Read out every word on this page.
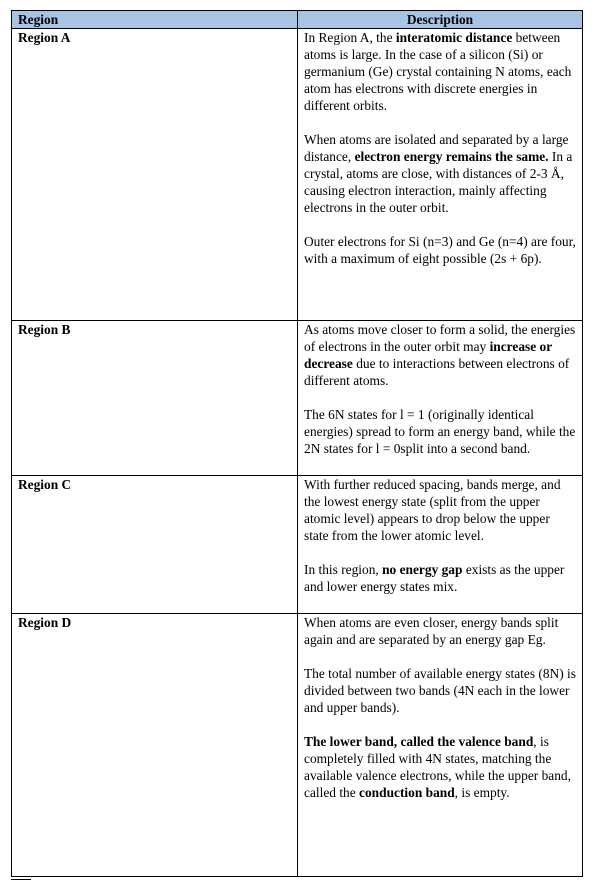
Region	Description
Region A	In Region A, the interatomic distance between atoms is large. In the case of a silicon (Si) or germanium (Ge) crystal containing N atoms, each atom has electrons with discrete energies in different orbits.

When atoms are isolated and separated by a large distance, electron energy remains the same. In a crystal, atoms are close, with distances of 2-3 Å, causing electron interaction, mainly affecting electrons in the outer orbit.

Outer electrons for Si (n=3) and Ge (n=4) are four, with a maximum of eight possible (2s + 6p).

Region B	As atoms move closer to form a solid, the energies of electrons in the outer orbit may increase or decrease due to interactions between electrons of different atoms.

The 6N states for l = 1 (originally identical energies) spread to form an energy band, while the 2N states for l = 0split into a second band.

Region C	With further reduced spacing, bands merge, and the lowest energy state (split from the upper atomic level) appears to drop below the upper state from the lower atomic level.

In this region, no energy gap exists as the upper and lower energy states mix.

Region D	When atoms are even closer, energy bands split again and are separated by an energy gap Eg.

The total number of available energy states (8N) is divided between two bands (4N each in the lower and upper bands).

The lower band, called the valence band, is completely filled with 4N states, matching the available valence electrons, while the upper band, called the conduction band, is empty.
